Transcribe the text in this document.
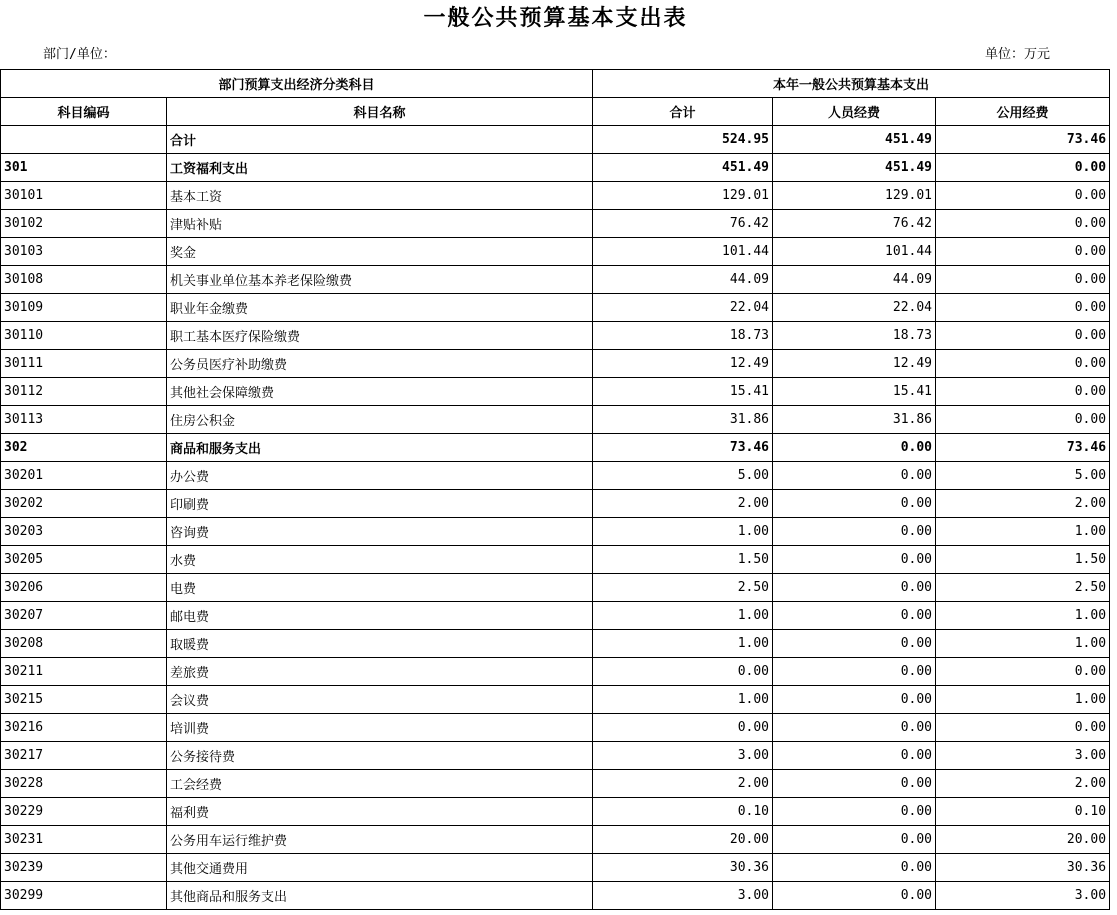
一般公共预算基本支出表
部门/单位：	单位：万元
部门预算支出经济分类科目		本年一般公共预算基本支出		
科目编码	科目名称	合计	人员经费	公用经费
	合计	524.95	451.49	73.46
301	工资福利支出	451.49	451.49	0.00
30101	基本工资	129.01	129.01	0.00
30102	津贴补贴	76.42	76.42	0.00
30103	奖金	101.44	101.44	0.00
30108	机关事业单位基本养老保险缴费	44.09	44.09	0.00
30109	职业年金缴费	22.04	22.04	0.00
30110	职工基本医疗保险缴费	18.73	18.73	0.00
30111	公务员医疗补助缴费	12.49	12.49	0.00
30112	其他社会保障缴费	15.41	15.41	0.00
30113	住房公积金	31.86	31.86	0.00
302	商品和服务支出	73.46	0.00	73.46
30201	办公费	5.00	0.00	5.00
30202	印刷费	2.00	0.00	2.00
30203	咨询费	1.00	0.00	1.00
30205	水费	1.50	0.00	1.50
30206	电费	2.50	0.00	2.50
30207	邮电费	1.00	0.00	1.00
30208	取暖费	1.00	0.00	1.00
30211	差旅费	0.00	0.00	0.00
30215	会议费	1.00	0.00	1.00
30216	培训费	0.00	0.00	0.00
30217	公务接待费	3.00	0.00	3.00
30228	工会经费	2.00	0.00	2.00
30229	福利费	0.10	0.00	0.10
30231	公务用车运行维护费	20.00	0.00	20.00
30239	其他交通费用	30.36	0.00	30.36
30299	其他商品和服务支出	3.00	0.00	3.00
